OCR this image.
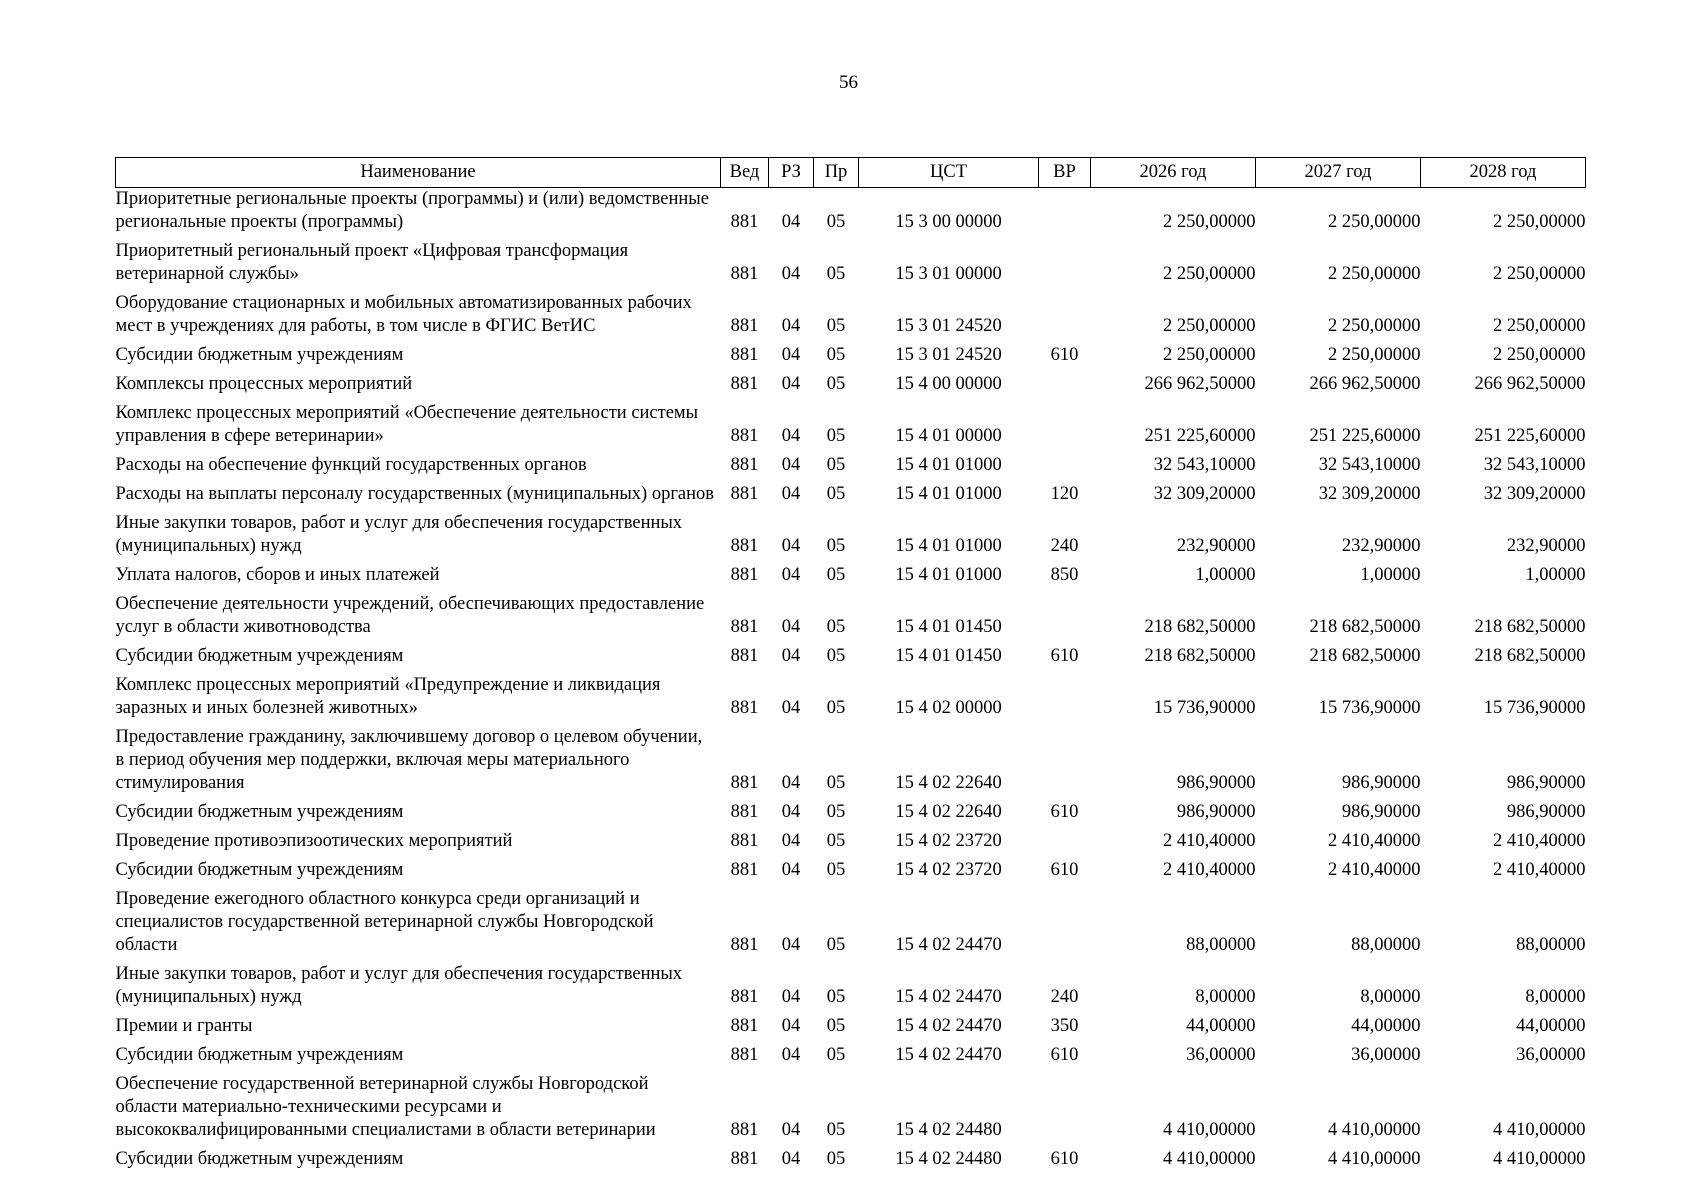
56
Наименование	Вед	РЗ	Пр	ЦСТ	ВР	2026 год	2027 год	2028 год
Приоритетные региональные проекты (программы) и (или) ведомственные региональные проекты (программы)	881	04	05	15 3 00 00000		2 250,00000	2 250,00000	2 250,00000
Приоритетный региональный проект «Цифровая трансформация ветеринарной службы»	881	04	05	15 3 01 00000		2 250,00000	2 250,00000	2 250,00000
Оборудование стационарных и мобильных автоматизированных рабочих мест в учреждениях для работы, в том числе в ФГИС ВетИС	881	04	05	15 3 01 24520		2 250,00000	2 250,00000	2 250,00000
Субсидии бюджетным учреждениям	881	04	05	15 3 01 24520	610	2 250,00000	2 250,00000	2 250,00000
Комплексы процессных мероприятий	881	04	05	15 4 00 00000		266 962,50000	266 962,50000	266 962,50000
Комплекс процессных мероприятий «Обеспечение деятельности системы управления в сфере ветеринарии»	881	04	05	15 4 01 00000		251 225,60000	251 225,60000	251 225,60000
Расходы на обеспечение функций государственных органов	881	04	05	15 4 01 01000		32 543,10000	32 543,10000	32 543,10000
Расходы на выплаты персоналу государственных (муниципальных) органов	881	04	05	15 4 01 01000	120	32 309,20000	32 309,20000	32 309,20000
Иные закупки товаров, работ и услуг для обеспечения государственных (муниципальных) нужд	881	04	05	15 4 01 01000	240	232,90000	232,90000	232,90000
Уплата налогов, сборов и иных платежей	881	04	05	15 4 01 01000	850	1,00000	1,00000	1,00000
Обеспечение деятельности учреждений, обеспечивающих предоставление услуг в области животноводства	881	04	05	15 4 01 01450		218 682,50000	218 682,50000	218 682,50000
Субсидии бюджетным учреждениям	881	04	05	15 4 01 01450	610	218 682,50000	218 682,50000	218 682,50000
Комплекс процессных мероприятий «Предупреждение и ликвидация заразных и иных болезней животных»	881	04	05	15 4 02 00000		15 736,90000	15 736,90000	15 736,90000
Предоставление гражданину, заключившему договор о целевом обучении, в период обучения мер поддержки, включая меры материального стимулирования	881	04	05	15 4 02 22640		986,90000	986,90000	986,90000
Субсидии бюджетным учреждениям	881	04	05	15 4 02 22640	610	986,90000	986,90000	986,90000
Проведение противоэпизоотических мероприятий	881	04	05	15 4 02 23720		2 410,40000	2 410,40000	2 410,40000
Субсидии бюджетным учреждениям	881	04	05	15 4 02 23720	610	2 410,40000	2 410,40000	2 410,40000
Проведение ежегодного областного конкурса среди организаций и специалистов государственной ветеринарной службы Новгородской области	881	04	05	15 4 02 24470		88,00000	88,00000	88,00000
Иные закупки товаров, работ и услуг для обеспечения государственных (муниципальных) нужд	881	04	05	15 4 02 24470	240	8,00000	8,00000	8,00000
Премии и гранты	881	04	05	15 4 02 24470	350	44,00000	44,00000	44,00000
Субсидии бюджетным учреждениям	881	04	05	15 4 02 24470	610	36,00000	36,00000	36,00000
Обеспечение государственной ветеринарной службы Новгородской области материально-техническими ресурсами и высококвалифицированными специалистами в области ветеринарии	881	04	05	15 4 02 24480		4 410,00000	4 410,00000	4 410,00000
Субсидии бюджетным учреждениям	881	04	05	15 4 02 24480	610	4 410,00000	4 410,00000	4 410,00000
